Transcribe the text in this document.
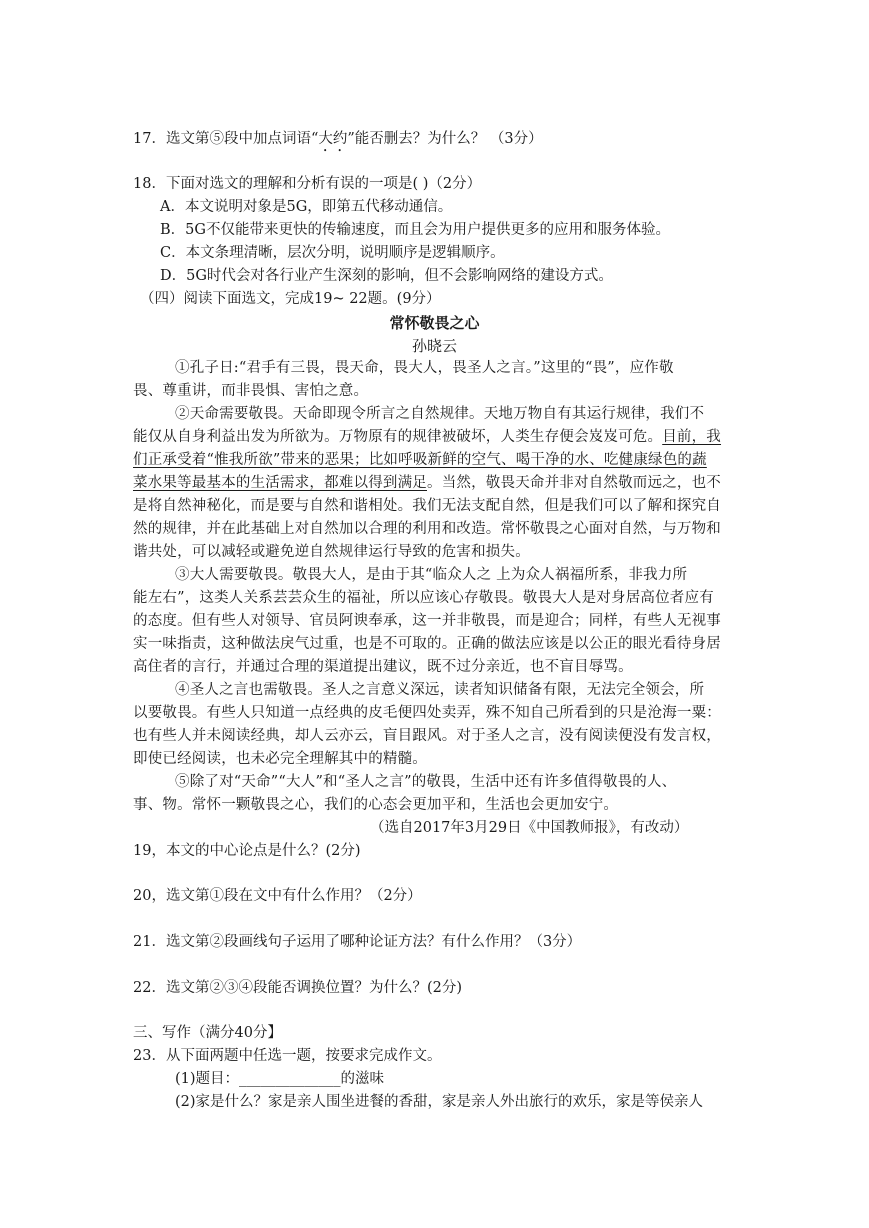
17．选文第⑤段中加点词语“大约”能否删去？为什么？ （3分）
18．下面对选文的理解和分析有误的一项是( )（2分）
A．本文说明对象是5G，即第五代移动通信。
B．5G不仅能带来更快的传输速度，而且会为用户提供更多的应用和服务体验。
C．本文条理清晰，层次分明，说明顺序是逻辑顺序。
D．5G时代会对各行业产生深刻的影响，但不会影响网络的建设方式。
（四）阅读下面选文，完成19~ 22题。(9分）
常怀敬畏之心
孙晓云
①孔子日:“君手有三畏，畏天命，畏大人，畏圣人之言。”这里的“畏”，应作敬
畏、尊重讲，而非畏惧、害怕之意。
②天命需要敬畏。天命即现令所言之自然规律。天地万物自有其运行规律，我们不
能仅从自身利益出发为所欲为。万物原有的规律被破坏，人类生存便会岌岌可危。目前，我
们正承受着“惟我所欲”带来的恶果；比如呼吸新鲜的空气、喝干净的水、吃健康绿色的蔬
菜水果等最基本的生活需求，都难以得到满足。当然，敬畏天命并非对自然敬而远之，也不
是将自然神秘化，而是要与自然和谐相处。我们无法支配自然，但是我们可以了解和探究自
然的规律，并在此基础上对自然加以合理的利用和改造。常怀敬畏之心面对自然，与万物和
谐共处，可以减轻或避免逆自然规律运行导致的危害和损失。
③大人需要敬畏。敬畏大人，是由于其“临众人之 上为众人祸福所系，非我力所
能左右”，这类人关系芸芸众生的福祉，所以应该心存敬畏。敬畏大人是对身居高位者应有
的态度。但有些人对领导、官员阿谀奉承，这一并非敬畏，而是迎合；同样，有些人无视事
实一味指责，这种做法戾气过重，也是不可取的。正确的做法应该是以公正的眼光看待身居
高住者的言行，并通过合理的渠道提出建议，既不过分亲近，也不盲目辱骂。
④圣人之言也需敬畏。圣人之言意义深远，读者知识储备有限，无法完全领会，所
以要敬畏。有些人只知道一点经典的皮毛便四处卖弄，殊不知自己所看到的只是沧海一粟：
也有些人并未阅读经典，却人云亦云，盲目跟风。对于圣人之言，没有阅读便没有发言权，
即使已经阅读，也未必完全理解其中的精髓。
⑤除了对“天命”“大人”和“圣人之言”的敬畏，生活中还有许多值得敬畏的人、
事、物。常怀一颗敬畏之心，我们的心态会更加平和，生活也会更加安宁。
（选自2017年3月29日《中国教师报》，有改动）
19，本文的中心论点是什么？(2分)
20，选文第①段在文中有什么作用？（2分）
21．选文第②段画线句子运用了哪种论证方法？有什么作用？（3分）
22．选文第②③④段能否调换位置？为什么？(2分)
三、写作（满分40分】
23．从下面两题中任选一题，按要求完成作文。
(1)题目：______________的滋味
(2)家是什么？家是亲人围坐进餐的香甜，家是亲人外出旅行的欢乐，家是等侯亲人
